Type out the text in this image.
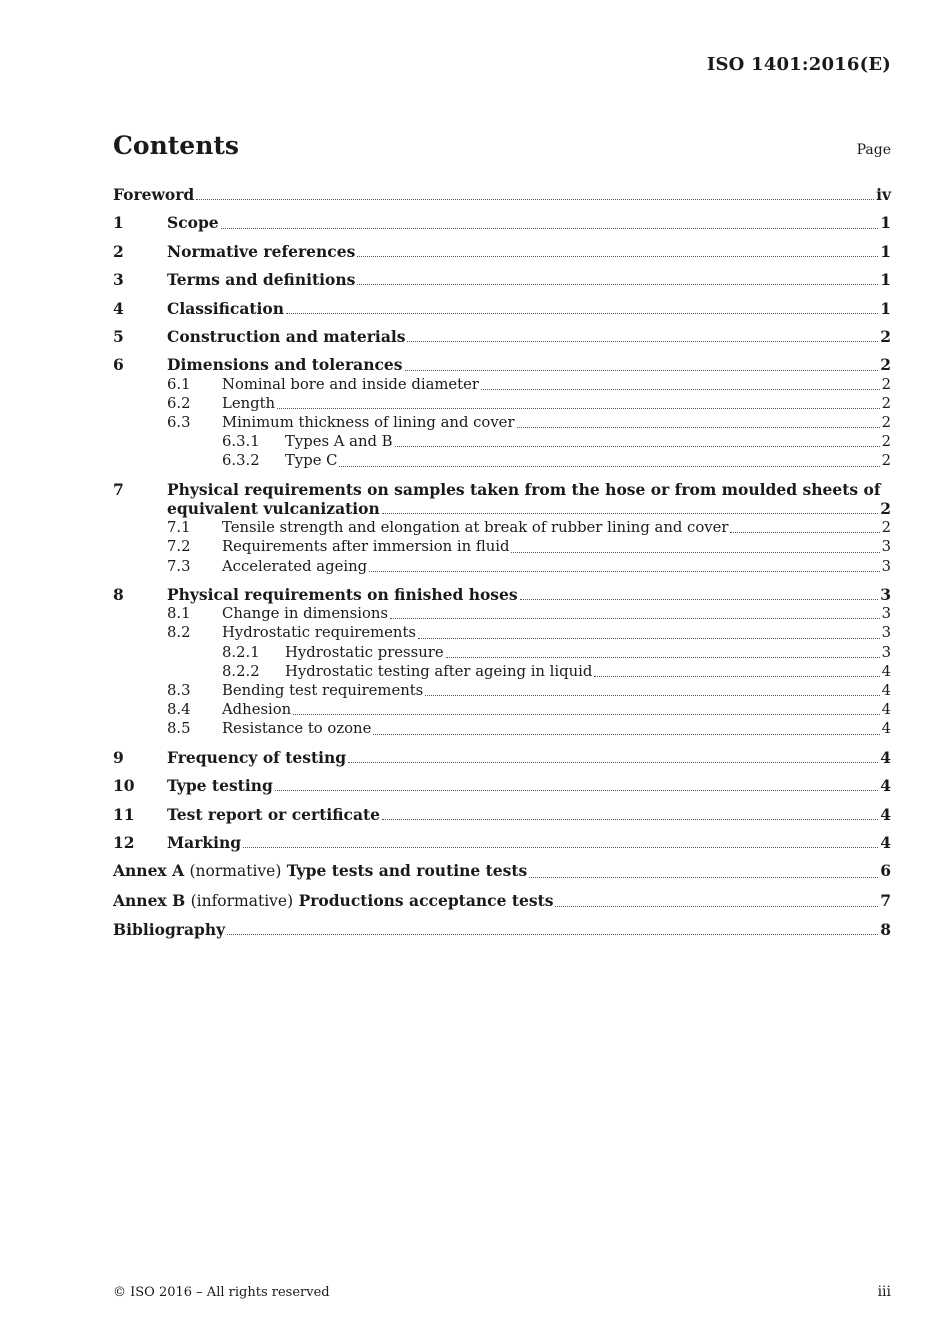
ISO 1401:2016(E)
Contents	Page
Foreword	iv
1	Scope	1
2	Normative references	1
3	Terms and definitions	1
4	Classification	1
5	Construction and materials	2
6	Dimensions and tolerances	2
6.1	Nominal bore and inside diameter	2
6.2	Length	2
6.3	Minimum thickness of lining and cover	2
6.3.1	Types A and B	2
6.3.2	Type C	2
7	Physical requirements on samples taken from the hose or from moulded sheets of
equivalent vulcanization	2
7.1	Tensile strength and elongation at break of rubber lining and cover	2
7.2	Requirements after immersion in fluid	3
7.3	Accelerated ageing	3
8	Physical requirements on finished hoses	3
8.1	Change in dimensions	3
8.2	Hydrostatic requirements	3
8.2.1	Hydrostatic pressure	3
8.2.2	Hydrostatic testing after ageing in liquid	4
8.3	Bending test requirements	4
8.4	Adhesion	4
8.5	Resistance to ozone	4
9	Frequency of testing	4
10	Type testing	4
11	Test report or certificate	4
12	Marking	4
Annex A (normative) Type tests and routine tests	6
Annex B (informative) Productions acceptance tests	7
Bibliography	8
© ISO 2016 – All rights reserved	iii
